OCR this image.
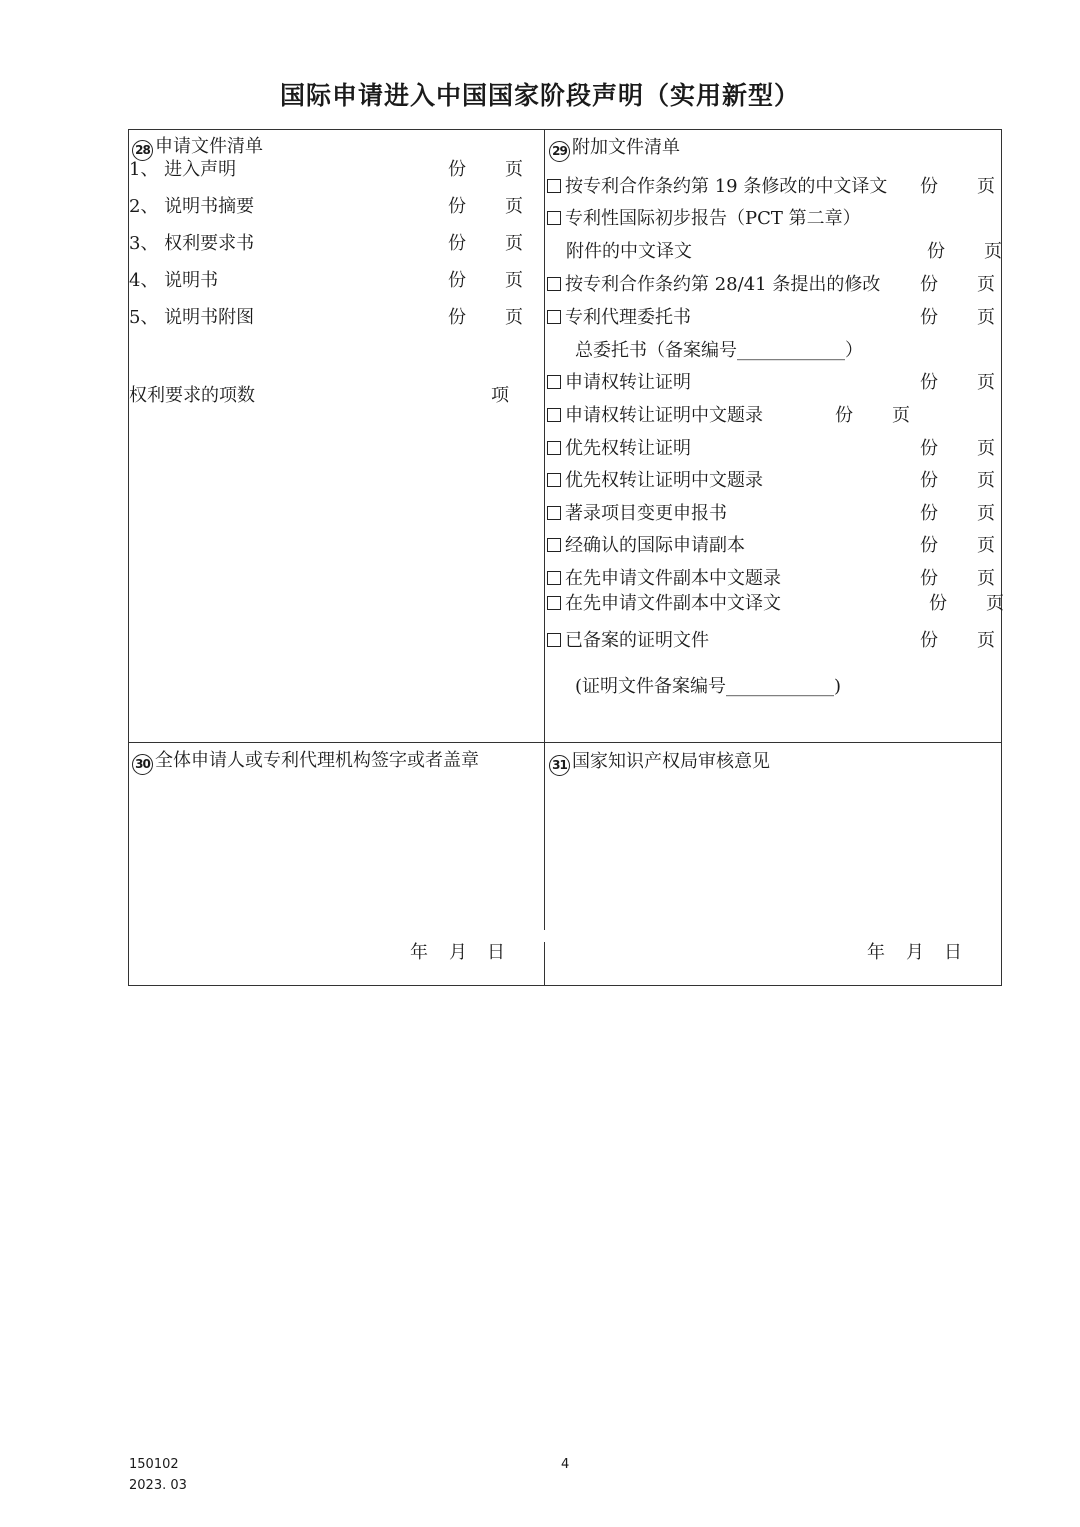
国际申请进入中国国家阶段声明（实用新型）
28 申请文件清单
1、 进入声明	份 页
2、 说明书摘要	份 页
3、 权利要求书	份 页
4、 说明书	份 页
5、 说明书附图	份 页
权利要求的项数	项
29 附加文件清单
按专利合作条约第 19 条修改的中文译文 份 页
专利性国际初步报告（PCT 第二章）
附件的中文译文	份 页
按专利合作条约第 28/41 条提出的修改 份 页
专利代理委托书	份 页
总委托书（备案编号____________）
申请权转让证明	份 页
申请权转让证明中文题录	份 页
优先权转让证明	份 页
优先权转让证明中文题录	份 页
著录项目变更申报书	份 页
经确认的国际申请副本	份 页
在先申请文件副本中文题录	份 页
在先申请文件副本中文译文	份 页
已备案的证明文件	份 页
(证明文件备案编号____________)
30 全体申请人或专利代理机构签字或者盖章
年 月 日
31 国家知识产权局审核意见
年 月 日
150102
2023. 03
4
